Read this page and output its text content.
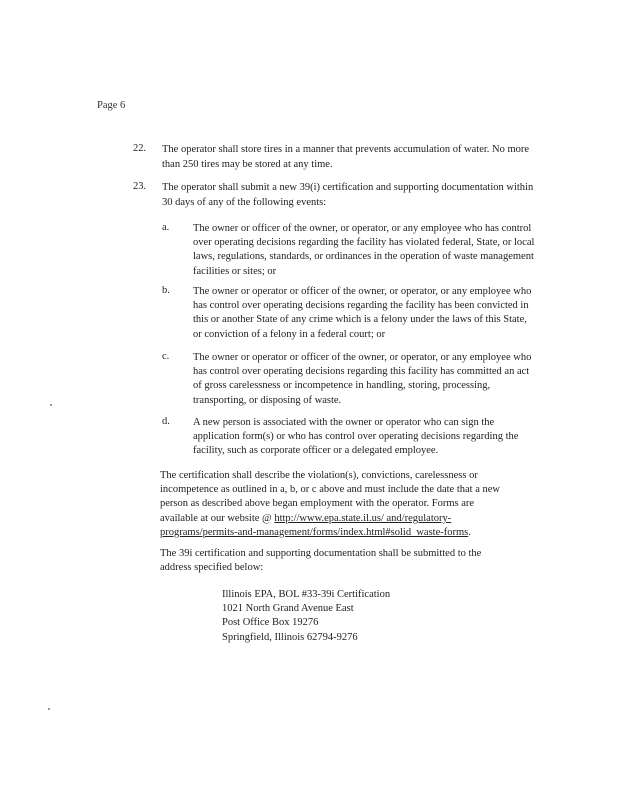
Page 6
22. The operator shall store tires in a manner that prevents accumulation of water. No more than 250 tires may be stored at any time.
23. The operator shall submit a new 39(i) certification and supporting documentation within 30 days of any of the following events:
a. The owner or officer of the owner, or operator, or any employee who has control over operating decisions regarding the facility has violated federal, State, or local laws, regulations, standards, or ordinances in the operation of waste management facilities or sites; or
b. The owner or operator or officer of the owner, or operator, or any employee who has control over operating decisions regarding the facility has been convicted in this or another State of any crime which is a felony under the laws of this State, or conviction of a felony in a federal court; or
c. The owner or operator or officer of the owner, or operator, or any employee who has control over operating decisions regarding this facility has committed an act of gross carelessness or incompetence in handling, storing, processing, transporting, or disposing of waste.
d. A new person is associated with the owner or operator who can sign the application form(s) or who has control over operating decisions regarding the facility, such as corporate officer or a delegated employee.
The certification shall describe the violation(s), convictions, carelessness or incompetence as outlined in a, b, or c above and must include the date that a new person as described above began employment with the operator. Forms are available at our website @ http://www.epa.state.il.us/ and/regulatory-programs/permits-and-management/forms/index.html#solid_waste-forms.
The 39i certification and supporting documentation shall be submitted to the address specified below:
Illinois EPA, BOL #33-39i Certification
1021 North Grand Avenue East
Post Office Box 19276
Springfield, Illinois 62794-9276
